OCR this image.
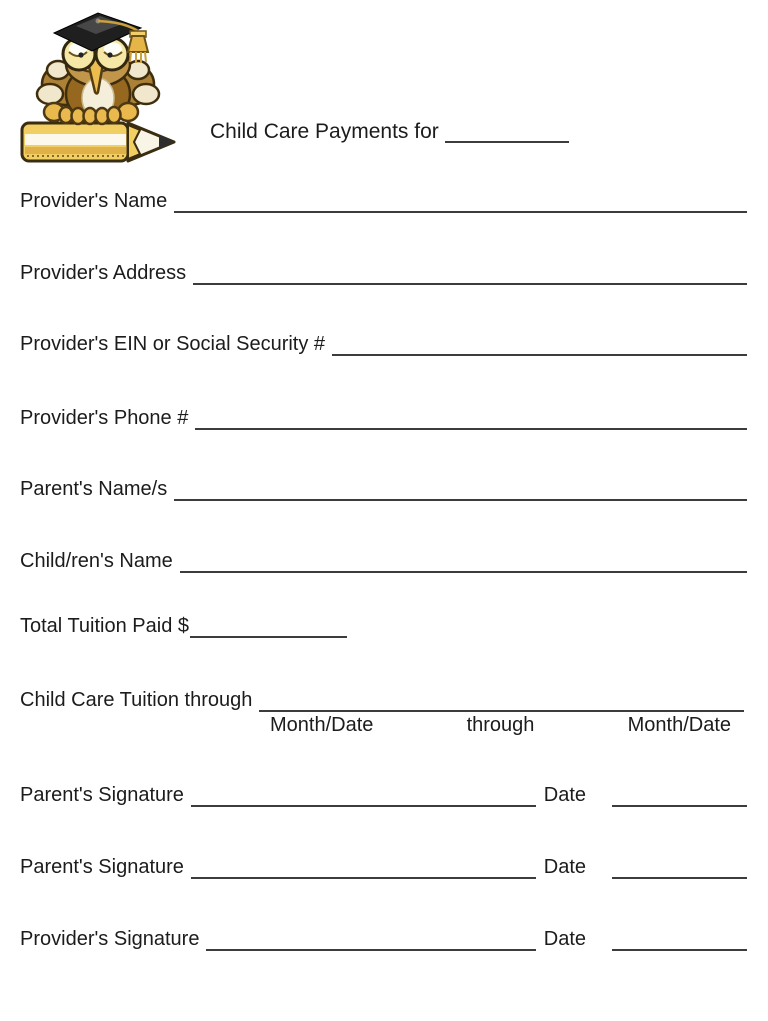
Child Care Payments for
Provider's Name
Provider's Address
Provider's EIN or Social Security #
Provider's Phone #
Parent's Name/s
Child/ren's Name
Total Tuition Paid $
Child Care Tuition through
Month/Date	through	Month/Date
Parent's Signature	Date
Parent's Signature	Date
Provider's Signature	Date
